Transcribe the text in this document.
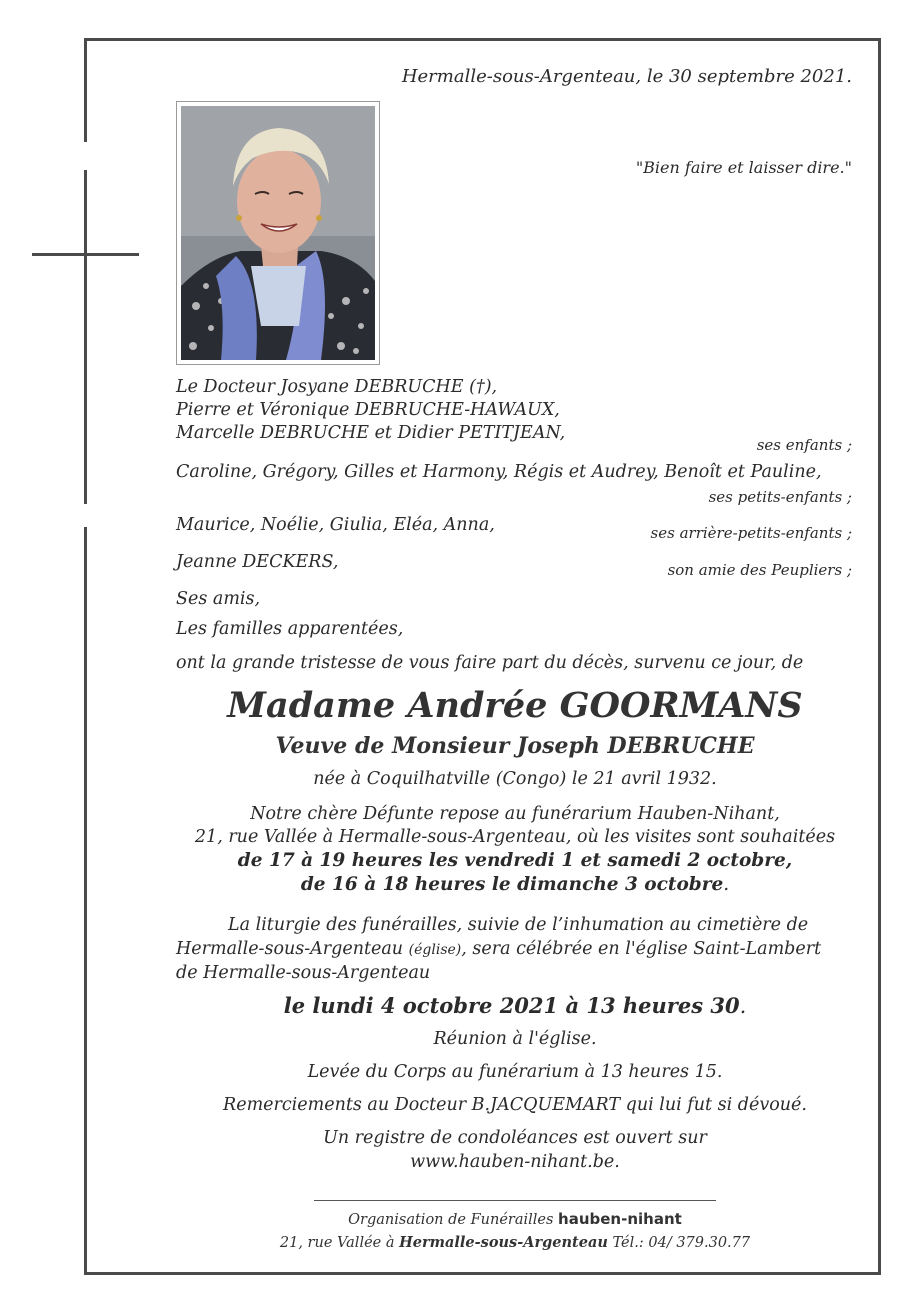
Hermalle-sous-Argenteau, le 30 septembre 2021.
"Bien faire et laisser dire."
Le Docteur Josyane DEBRUCHE (†),
Pierre et Véronique DEBRUCHE-HAWAUX,
Marcelle DEBRUCHE et Didier PETITJEAN,
ses enfants ;
Caroline, Grégory, Gilles et Harmony, Régis et Audrey, Benoît et Pauline,
ses petits-enfants ;
Maurice, Noélie, Giulia, Eléa, Anna,	ses arrière-petits-enfants ;
Jeanne DECKERS,	son amie des Peupliers ;
Ses amis,
Les familles apparentées,
ont la grande tristesse de vous faire part du décès, survenu ce jour, de
Madame Andrée GOORMANS
Veuve de Monsieur Joseph DEBRUCHE
née à Coquilhatville (Congo) le 21 avril 1932.
Notre chère Défunte repose au funérarium Hauben-Nihant,
21, rue Vallée à Hermalle-sous-Argenteau, où les visites sont souhaitées
de 17 à 19 heures les vendredi 1 et samedi 2 octobre,
de 16 à 18 heures le dimanche 3 octobre.
La liturgie des funérailles, suivie de l’inhumation au cimetière de
Hermalle-sous-Argenteau (église), sera célébrée en l'église Saint-Lambert
de Hermalle-sous-Argenteau
le lundi 4 octobre 2021 à 13 heures 30.
Réunion à l'église.
Levée du Corps au funérarium à 13 heures 15.
Remerciements au Docteur B.JACQUEMART qui lui fut si dévoué.
Un registre de condoléances est ouvert sur
www.hauben-nihant.be.
Organisation de Funérailles hauben-nihant
21, rue Vallée à Hermalle-sous-Argenteau Tél.: 04/ 379.30.77
